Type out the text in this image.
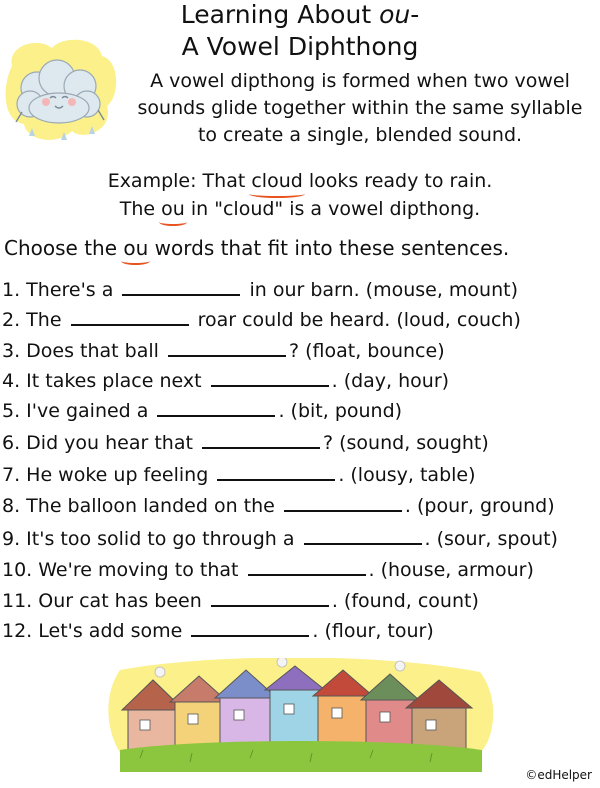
Learning About ou-
A Vowel Diphthong
A vowel dipthong is formed when two vowel
sounds glide together within the same syllable
to create a single, blended sound.
Example: That cloud looks ready to rain.
The ou in "cloud" is a vowel dipthong.
Choose the ou words that fit into these sentences.
1. There's a	in our barn. (mouse, mount)
2. The	roar could be heard. (loud, couch)
3. Does that ball	? (float, bounce)
4. It takes place next	. (day, hour)
5. I've gained a	. (bit, pound)
6. Did you hear that	? (sound, sought)
7. He woke up feeling	. (lousy, table)
8. The balloon landed on the	. (pour, ground)
9. It's too solid to go through a	. (sour, spout)
10. We're moving to that	. (house, armour)
11. Our cat has been	. (found, count)
12. Let's add some	. (flour, tour)
©edHelper
